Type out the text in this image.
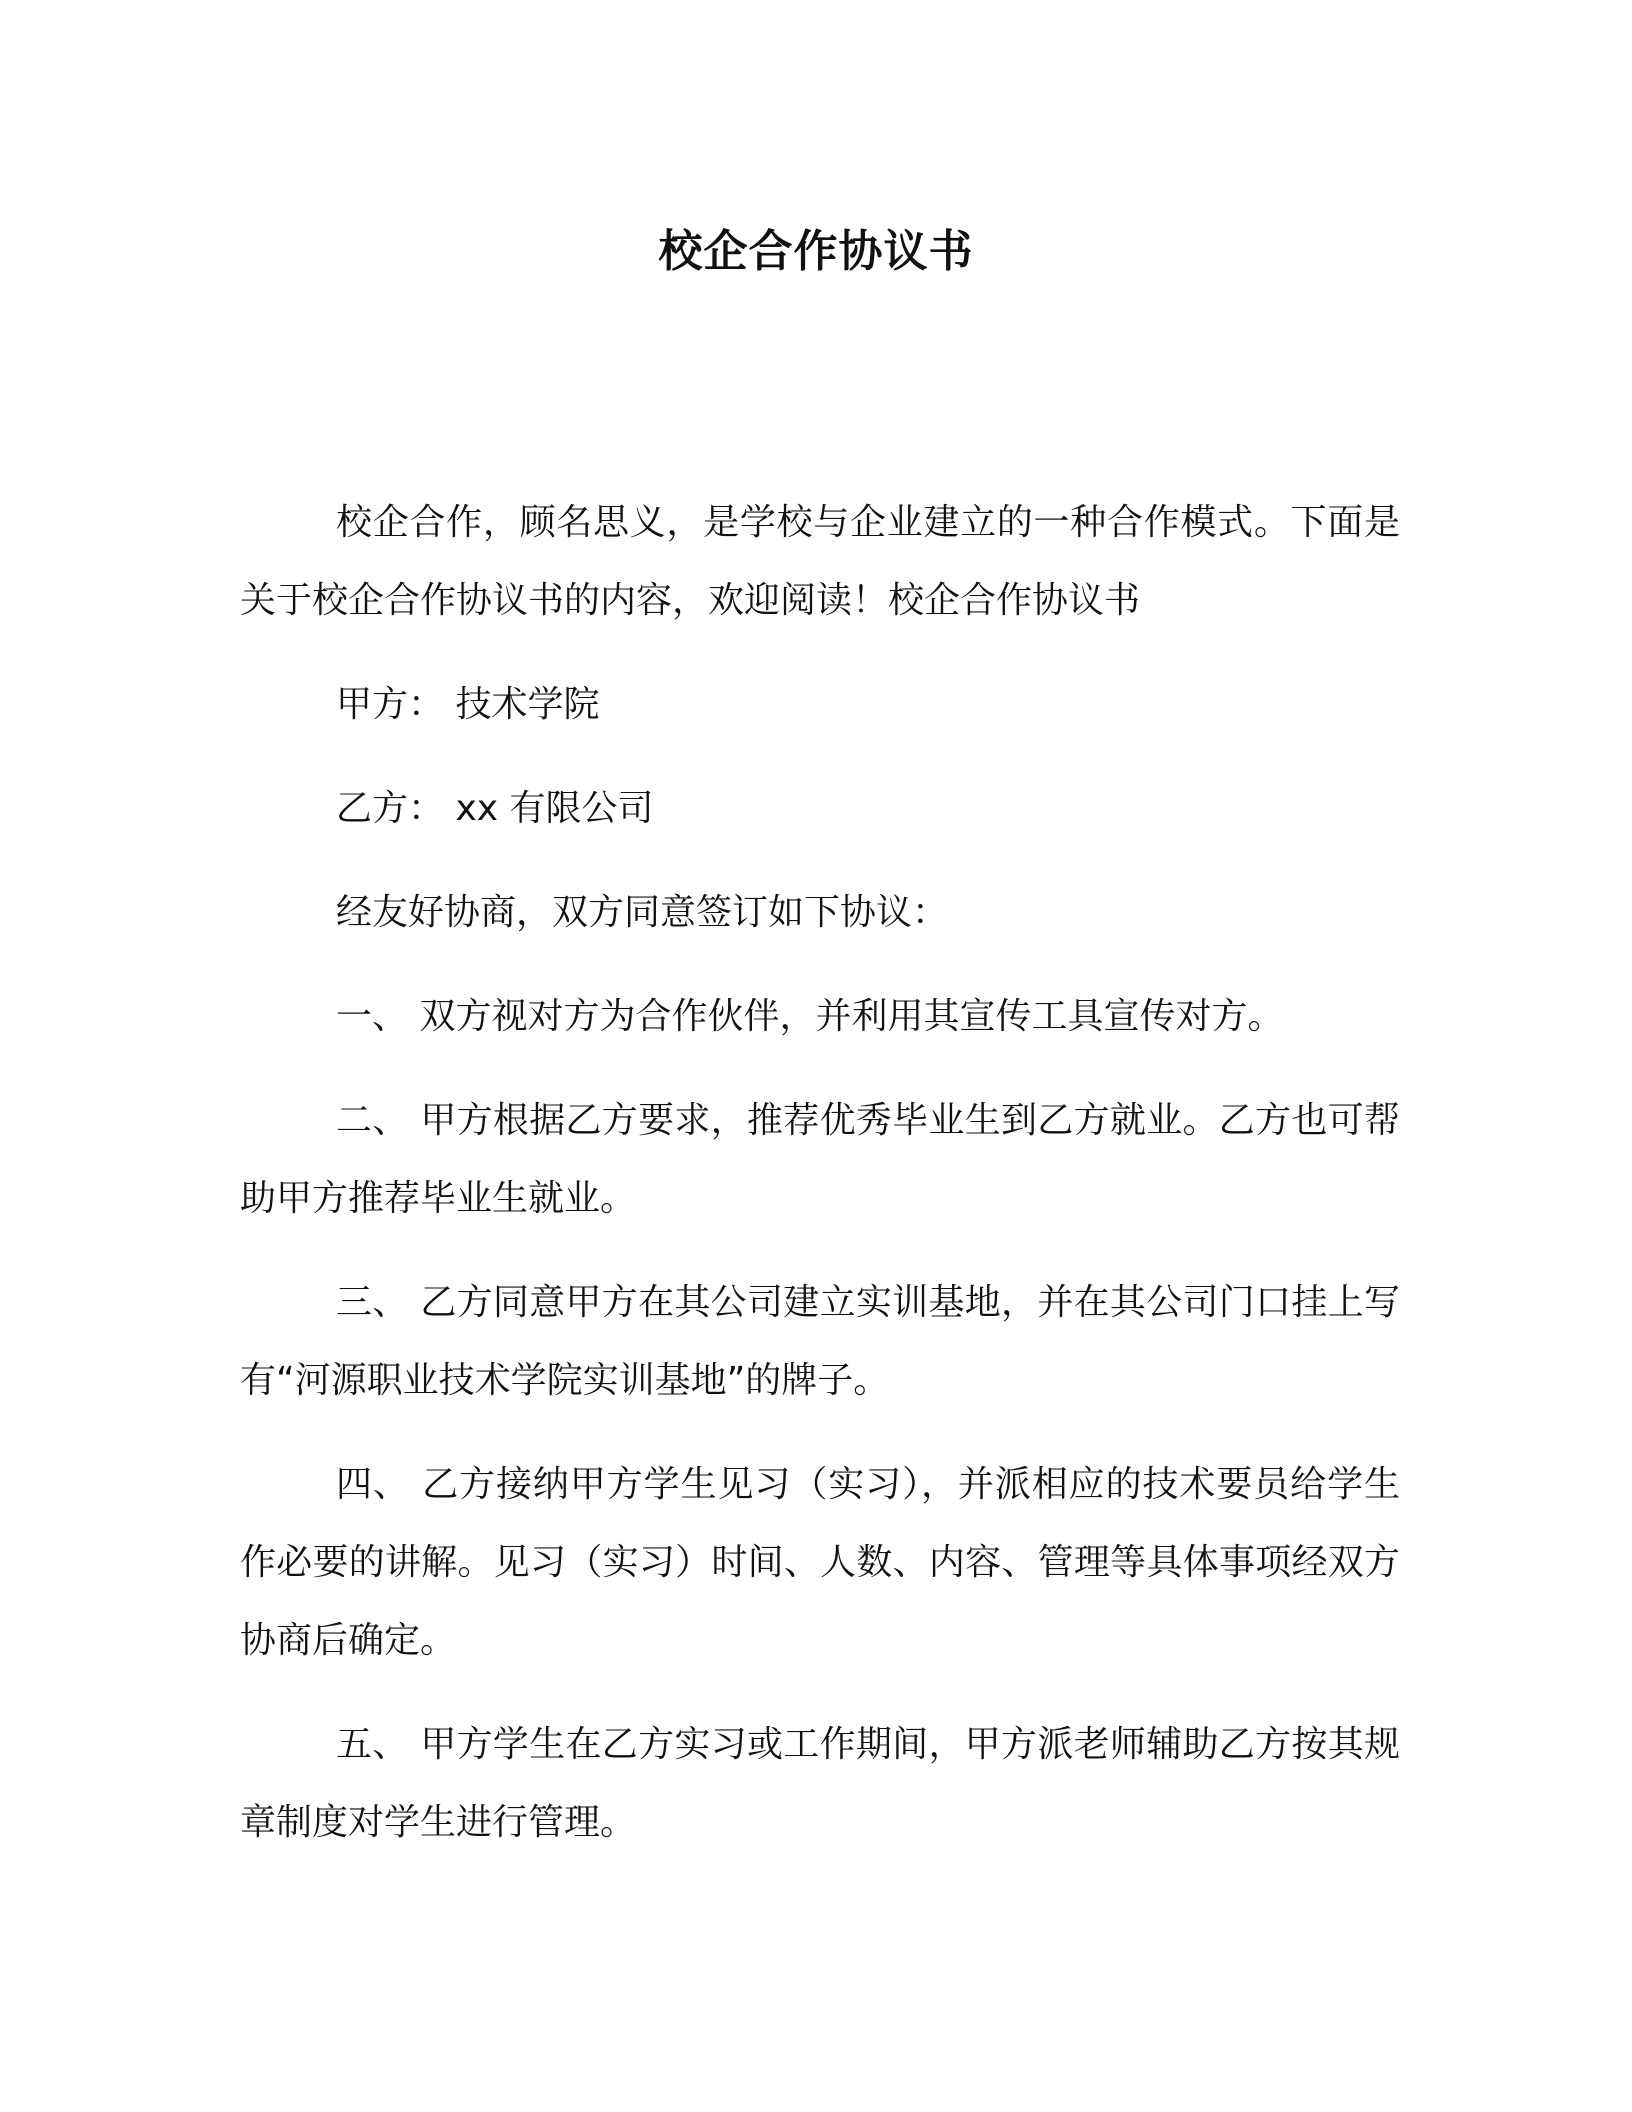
校企合作协议书

校企合作，顾名思义，是学校与企业建立的一种合作模式。下面是关于校企合作协议书的内容，欢迎阅读！校企合作协议书

甲方： 技术学院

乙方： xx 有限公司

经友好协商，双方同意签订如下协议：

一、 双方视对方为合作伙伴，并利用其宣传工具宣传对方。

二、 甲方根据乙方要求，推荐优秀毕业生到乙方就业。乙方也可帮助甲方推荐毕业生就业。

三、 乙方同意甲方在其公司建立实训基地，并在其公司门口挂上写有“河源职业技术学院实训基地”的牌子。

四、 乙方接纳甲方学生见习（实习），并派相应的技术要员给学生作必要的讲解。见习（实习）时间、人数、内容、管理等具体事项经双方协商后确定。

五、 甲方学生在乙方实习或工作期间，甲方派老师辅助乙方按其规章制度对学生进行管理。
